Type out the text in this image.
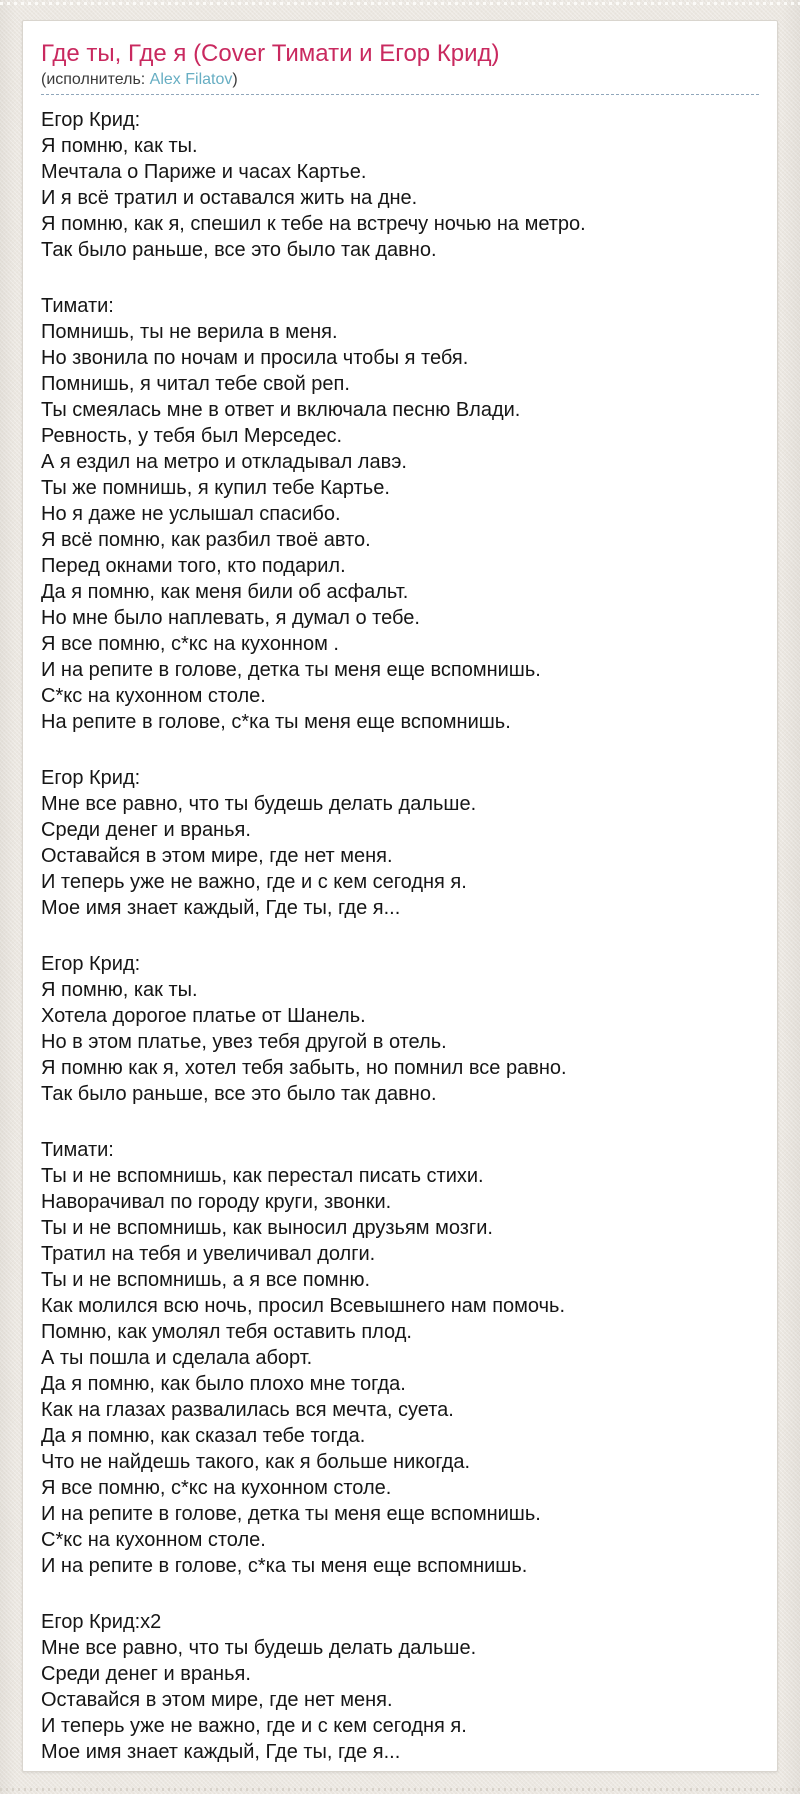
Где ты, Где я (Cover Тимати и Егор Крид)
(исполнитель: Alex Filatov)
Егор Крид:
Я помню, как ты.
Мечтала о Париже и часах Картье.
И я всё тратил и оставался жить на дне.
Я помню, как я, спешил к тебе на встречу ночью на метро.
Так было раньше, все это было так давно.
Тимати:
Помнишь, ты не верила в меня.
Но звонила по ночам и просила чтобы я тебя.
Помнишь, я читал тебе свой реп.
Ты смеялась мне в ответ и включала песню Влади.
Ревность, у тебя был Мерседес.
А я ездил на метро и откладывал лавэ.
Ты же помнишь, я купил тебе Картье.
Но я даже не услышал спасибо.
Я всё помню, как разбил твоё авто.
Перед окнами того, кто подарил.
Да я помню, как меня били об асфальт.
Но мне было наплевать, я думал о тебе.
Я все помню, с*кс на кухонном .
И на репите в голове, детка ты меня еще вспомнишь.
С*кс на кухонном столе.
На репите в голове, с*ка ты меня еще вспомнишь.
Егор Крид:
Мне все равно, что ты будешь делать дальше.
Среди денег и вранья.
Оставайся в этом мире, где нет меня.
И теперь уже не важно, где и с кем сегодня я.
Мое имя знает каждый, Где ты, где я...
Егор Крид:
Я помню, как ты.
Хотела дорогое платье от Шанель.
Но в этом платье, увез тебя другой в отель.
Я помню как я, хотел тебя забыть, но помнил все равно.
Так было раньше, все это было так давно.
Тимати:
Ты и не вспомнишь, как перестал писать стихи.
Наворачивал по городу круги, звонки.
Ты и не вспомнишь, как выносил друзьям мозги.
Тратил на тебя и увеличивал долги.
Ты и не вспомнишь, а я все помню.
Как молился всю ночь, просил Всевышнего нам помочь.
Помню, как умолял тебя оставить плод.
А ты пошла и сделала аборт.
Да я помню, как было плохо мне тогда.
Как на глазах развалилась вся мечта, суета.
Да я помню, как сказал тебе тогда.
Что не найдешь такого, как я больше никогда.
Я все помню, с*кс на кухонном столе.
И на репите в голове, детка ты меня еще вспомнишь.
С*кс на кухонном столе.
И на репите в голове, с*ка ты меня еще вспомнишь.
Егор Крид:x2
Мне все равно, что ты будешь делать дальше.
Среди денег и вранья.
Оставайся в этом мире, где нет меня.
И теперь уже не важно, где и с кем сегодня я.
Мое имя знает каждый, Где ты, где я...
